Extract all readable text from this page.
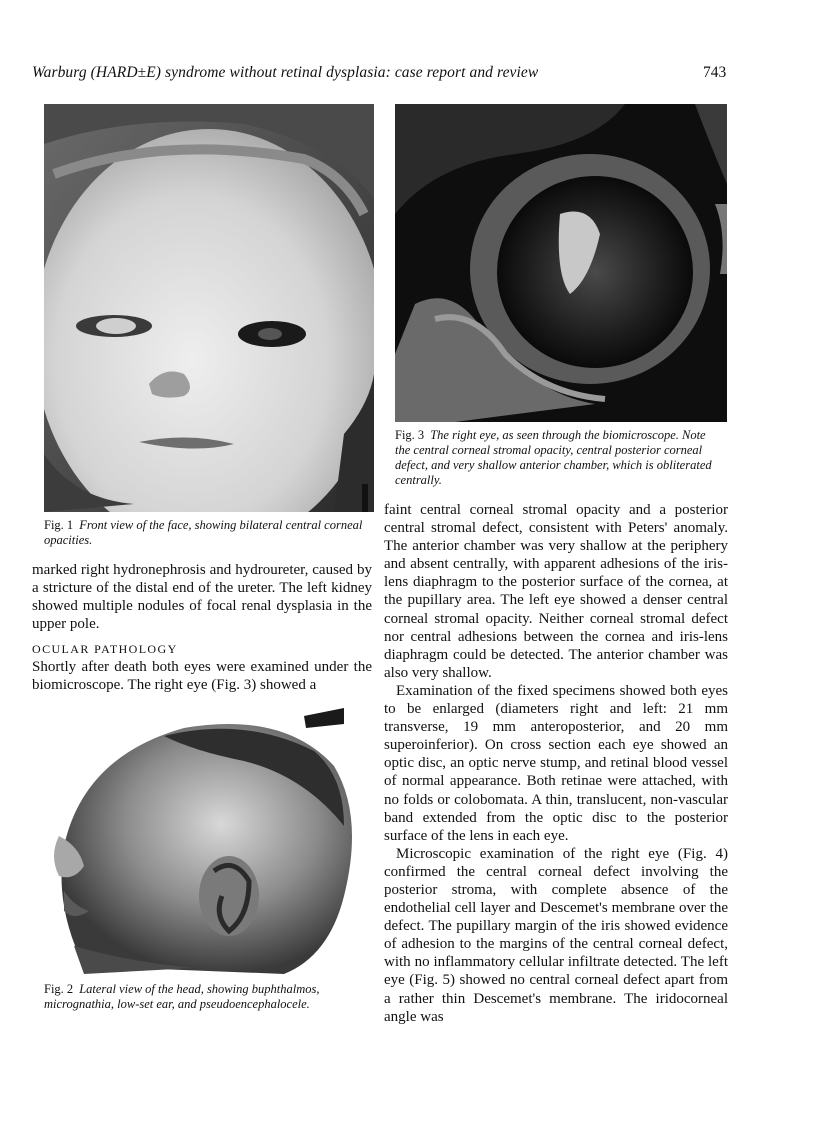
Warburg (HARD±E) syndrome without retinal dysplasia: case report and review	743
Fig. 1 Front view of the face, showing bilateral central corneal opacities.
Fig. 3 The right eye, as seen through the biomicroscope. Note the central corneal stromal opacity, central posterior corneal defect, and very shallow anterior chamber, which is obliterated centrally.

marked right hydronephrosis and hydroureter, caused by a stricture of the distal end of the ureter. The left kidney showed multiple nodules of focal renal dysplasia in the upper pole.

OCULAR PATHOLOGY

Shortly after death both eyes were examined under the biomicroscope. The right eye (Fig. 3) showed a

Fig. 2 Lateral view of the head, showing buphthalmos, micrognathia, low-set ear, and pseudoencephalocele.

faint central corneal stromal opacity and a posterior central stromal defect, consistent with Peters' anomaly. The anterior chamber was very shallow at the periphery and absent centrally, with apparent adhesions of the iris-lens diaphragm to the posterior surface of the cornea, at the pupillary area. The left eye showed a denser central corneal stromal opacity. Neither corneal stromal defect nor central adhesions between the cornea and iris-lens diaphragm could be detected. The anterior chamber was also very shallow.

Examination of the fixed specimens showed both eyes to be enlarged (diameters right and left: 21 mm transverse, 19 mm anteroposterior, and 20 mm superoinferior). On cross section each eye showed an optic disc, an optic nerve stump, and retinal blood vessel of normal appearance. Both retinae were attached, with no folds or colobomata. A thin, translucent, non-vascular band extended from the optic disc to the posterior surface of the lens in each eye.

Microscopic examination of the right eye (Fig. 4) confirmed the central corneal defect involving the posterior stroma, with complete absence of the endothelial cell layer and Descemet's membrane over the defect. The pupillary margin of the iris showed evidence of adhesion to the margins of the central corneal defect, with no inflammatory cellular infiltrate detected. The left eye (Fig. 5) showed no central corneal defect apart from a rather thin Descemet's membrane. The iridocorneal angle was
